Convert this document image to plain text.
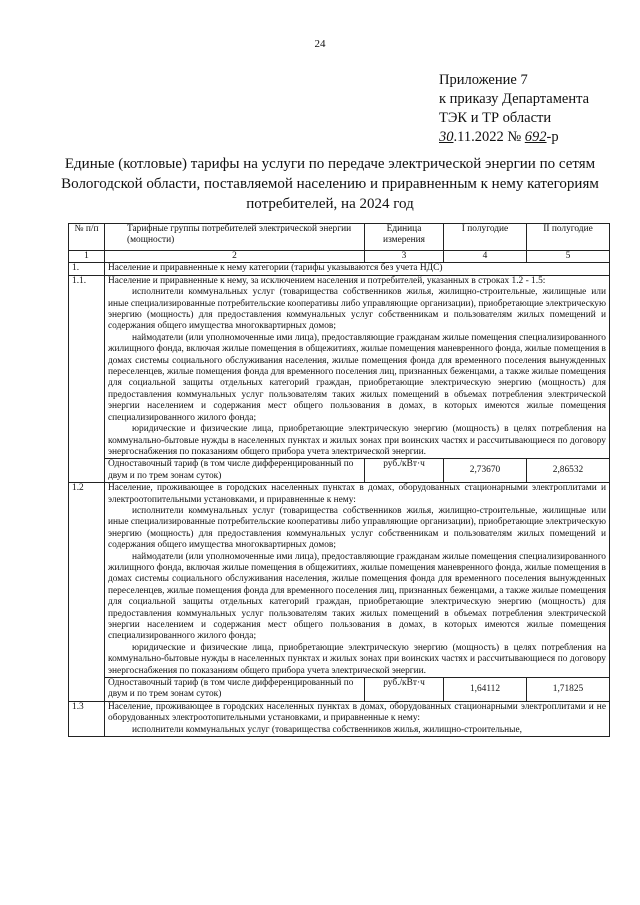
24
Приложение 7
к приказу Департамента
ТЭК и ТР области
30.11.2022 № 692-р
Единые (котловые) тарифы на услуги по передаче электрической энергии по сетям Вологодской области, поставляемой населению и приравненным к нему категориям потребителей, на 2024 год
№ п/п	Тарифные группы потребителей электрической энергии (мощности)	Единица измерения	I полугодие	II полугодие
1	2	3	4	5
1.	Население и приравненные к нему категории (тарифы указываются без учета НДС)			
1.1.	Население и приравненные к нему, за исключением населения и потребителей, указанных в строках 1.2 - 1.5:
исполнители коммунальных услуг (товарищества собственников жилья, жилищно-строительные, жилищные или иные специализированные потребительские кооперативы либо управляющие организации), приобретающие электрическую энергию (мощность) для предоставления коммунальных услуг собственникам и пользователям жилых помещений и содержания общего имущества многоквартирных домов;
наймодатели (или уполномоченные ими лица), предоставляющие гражданам жилые помещения специализированного жилищного фонда, включая жилые помещения в общежитиях, жилые помещения маневренного фонда, жилые помещения в домах системы социального обслуживания населения, жилые помещения фонда для временного поселения вынужденных переселенцев, жилые помещения фонда для временного поселения лиц, признанных беженцами, а также жилые помещения для социальной защиты отдельных категорий граждан, приобретающие электрическую энергию (мощность) для предоставления коммунальных услуг пользователям таких жилых помещений в объемах потребления электрической энергии населением и содержания мест общего пользования в домах, в которых имеются жилые помещения специализированного жилого фонда;
юридические и физические лица, приобретающие электрическую энергию (мощность) в целях потребления на коммунально-бытовые нужды в населенных пунктах и жилых зонах при воинских частях и рассчитывающиеся по договору энергоснабжения по показаниям общего прибора учета электрической энергии.			

	Одноставочный тариф (в том числе дифференцированный по двум и по трем зонам суток)	руб./кВт·ч	2,73670	2,86532
1.2	Население, проживающее в городских населенных пунктах в домах, оборудованных стационарными электроплитами и электроотопительными установками, и приравненные к нему:
исполнители коммунальных услуг (товарищества собственников жилья, жилищно-строительные, жилищные или иные специализированные потребительские кооперативы либо управляющие организации), приобретающие электрическую энергию (мощность) для предоставления коммунальных услуг собственникам и пользователям жилых помещений и содержания общего имущества многоквартирных домов;
наймодатели (или уполномоченные ими лица), предоставляющие гражданам жилые помещения специализированного жилищного фонда, включая жилые помещения в общежитиях, жилые помещения маневренного фонда, жилые помещения в домах системы социального обслуживания населения, жилые помещения фонда для временного поселения вынужденных переселенцев, жилые помещения фонда для временного поселения лиц, признанных беженцами, а также жилые помещения для социальной защиты отдельных категорий граждан, приобретающие электрическую энергию (мощность) для предоставления коммунальных услуг пользователям таких жилых помещений в объемах потребления электрической энергии населением и содержания мест общего пользования в домах, в которых имеются жилые помещения специализированного жилого фонда;
юридические и физические лица, приобретающие электрическую энергию (мощность) в целях потребления на коммунально-бытовые нужды в населенных пунктах и жилых зонах при воинских частях и рассчитывающиеся по договору энергоснабжения по показаниям общего прибора учета электрической энергии.			

	Одноставочный тариф (в том числе дифференцированный по двум и по трем зонам суток)	руб./кВт·ч	1,64112	1,71825
1.3	Население, проживающее в городских населенных пунктах в домах, оборудованных стационарными электроплитами и не оборудованных электроотопительными установками, и приравненные к нему:
исполнители коммунальных услуг (товарищества собственников жилья, жилищно-строительные,			
